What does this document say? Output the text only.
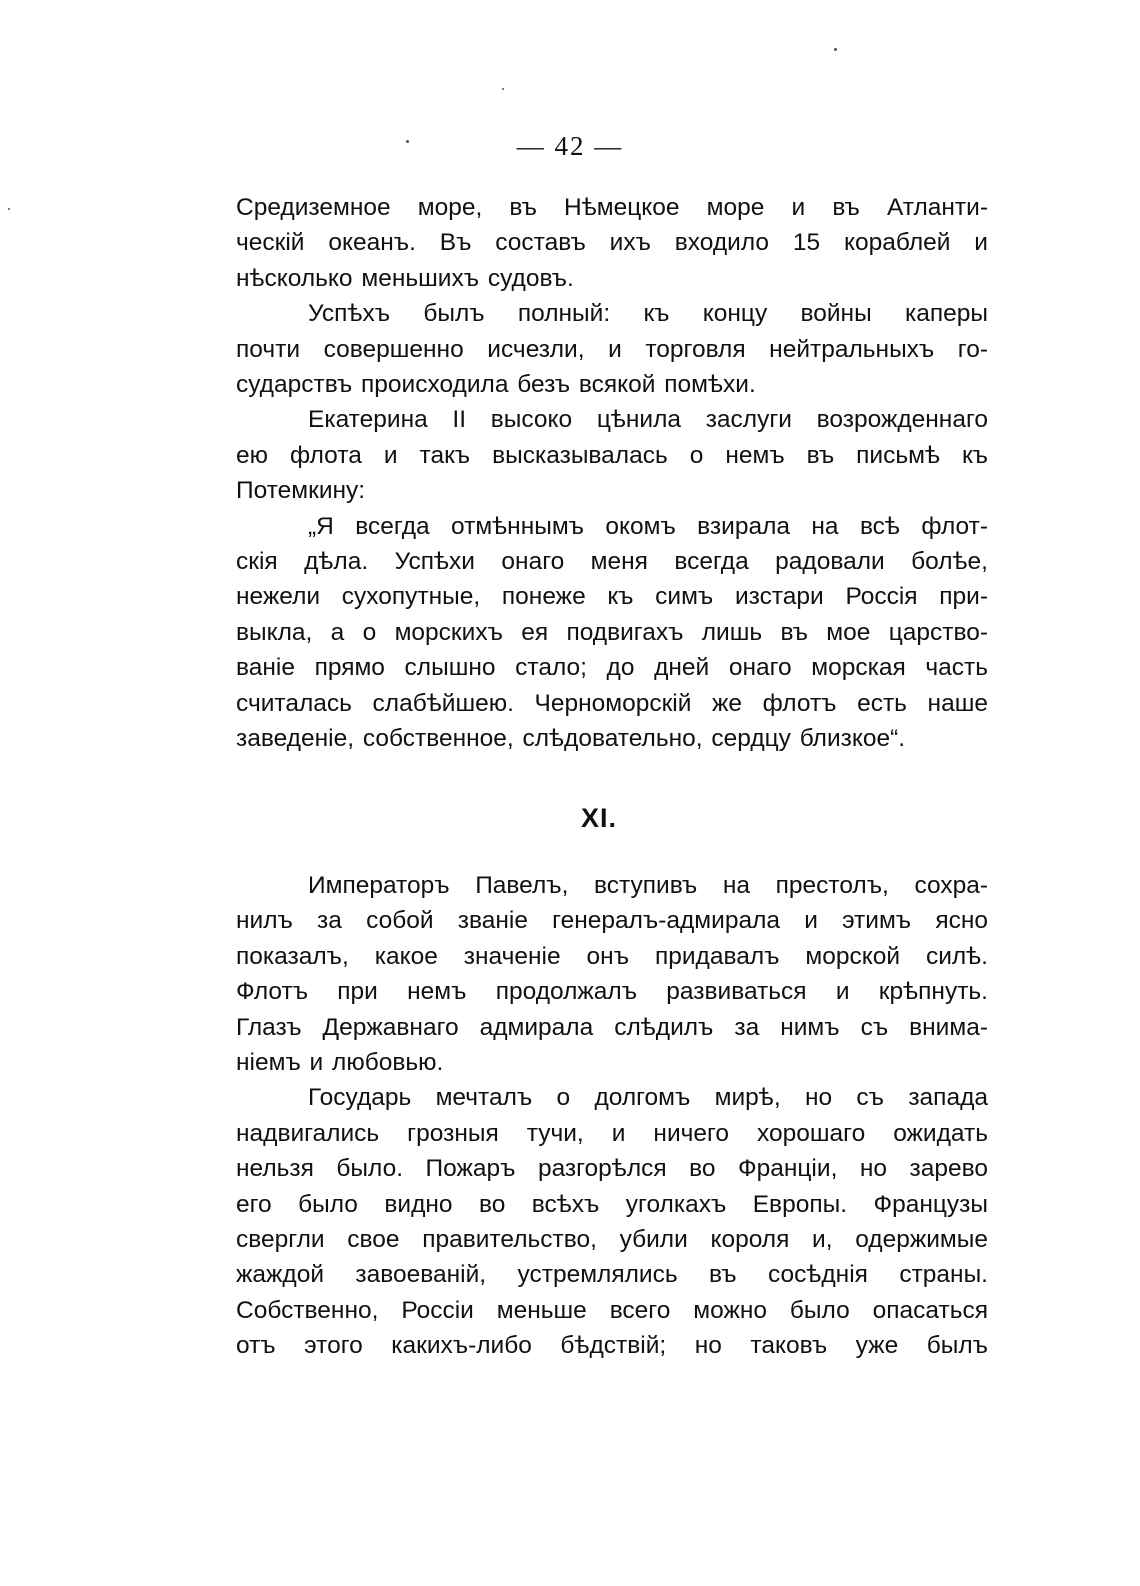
— 42 —
Средиземное море, въ Нѣмецкое море и въ Атланти-
ческій океанъ. Въ составъ ихъ входило 15 кораблей и
нѣсколько меньшихъ судовъ.
Успѣхъ былъ полный: къ концу войны каперы
почти совершенно исчезли, и торговля нейтральныхъ го-
сударствъ происходила безъ всякой помѣхи.
Екатерина II высоко цѣнила заслуги возрожденнаго
ею флота и такъ высказывалась о немъ въ письмѣ къ
Потемкину:
„Я всегда отмѣннымъ окомъ взирала на всѣ флот-
скія дѣла. Успѣхи онаго меня всегда радовали болѣе,
нежели сухопутные, понеже къ симъ изстари Россія при-
выкла, а о морскихъ ея подвигахъ лишь въ мое царство-
ваніе прямо слышно стало; до дней онаго морская часть
считалась слабѣйшею. Черноморскій же флотъ есть наше
заведеніе, собственное, слѣдовательно, сердцу близкое“.
XI.
Императоръ Павелъ, вступивъ на престолъ, сохра-
нилъ за собой званіе генералъ-адмирала и этимъ ясно
показалъ, какое значеніе онъ придавалъ морской силѣ.
Флотъ при немъ продолжалъ развиваться и крѣпнуть.
Глазъ Державнаго адмирала слѣдилъ за нимъ съ внима-
ніемъ и любовью.
Государь мечталъ о долгомъ мирѣ, но съ запада
надвигались грозныя тучи, и ничего хорошаго ожидать
нельзя было. Пожаръ разгорѣлся во Франціи, но зарево
его было видно во всѣхъ уголкахъ Европы. Французы
свергли свое правительство, убили короля и, одержимые
жаждой завоеваній, устремлялись въ сосѣднія страны.
Собственно, Россіи меньше всего можно было опасаться
отъ этого какихъ-либо бѣдствій; но таковъ уже былъ
